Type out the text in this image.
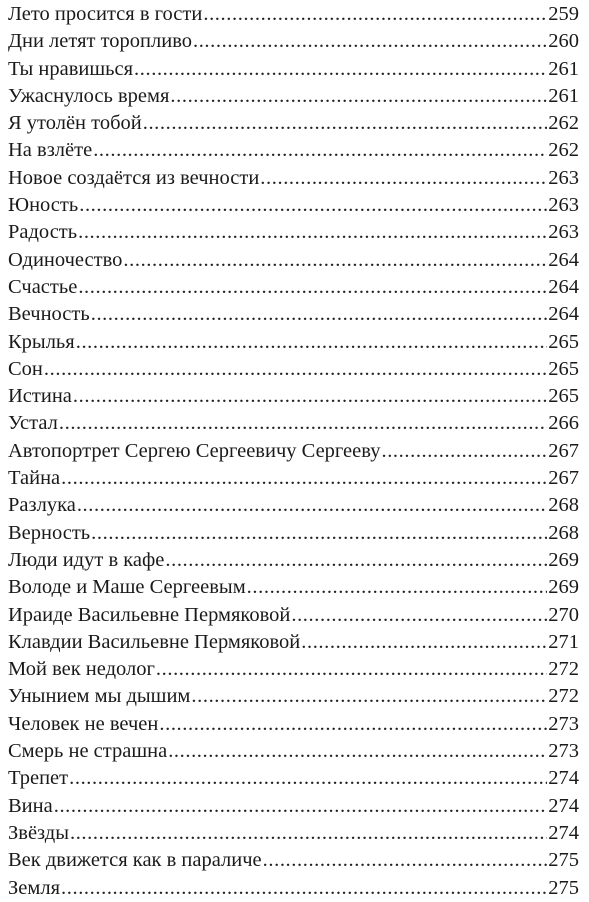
Лето просится в гости .....	259
Дни летят торопливо .....	260
Ты нравишься .....	261
Ужаснулось время .....	261
Я утолён тобой .....	262
На взлёте .....	262
Новое создаётся из вечности .....	263
Юность .....	263
Радость .....	263
Одиночество .....	264
Счастье .....	264
Вечность .....	264
Крылья .....	265
Сон .....	265
Истина .....	265
Устал .....	266
Автопортрет Сергею Сергеевичу Сергееву .....	267
Тайна .....	267
Разлука .....	268
Верность .....	268
Люди идут в кафе .....	269
Володе и Маше Сергеевым .....	269
Ираиде Васильевне Пермяковой .....	270
Клавдии Васильевне Пермяковой .....	271
Мой век недолог .....	272
Унынием мы дышим .....	272
Человек не вечен .....	273
Смерь не страшна .....	273
Трепет .....	274
Вина .....	274
Звёзды .....	274
Век движется как в параличе .....	275
Земля .....	275
